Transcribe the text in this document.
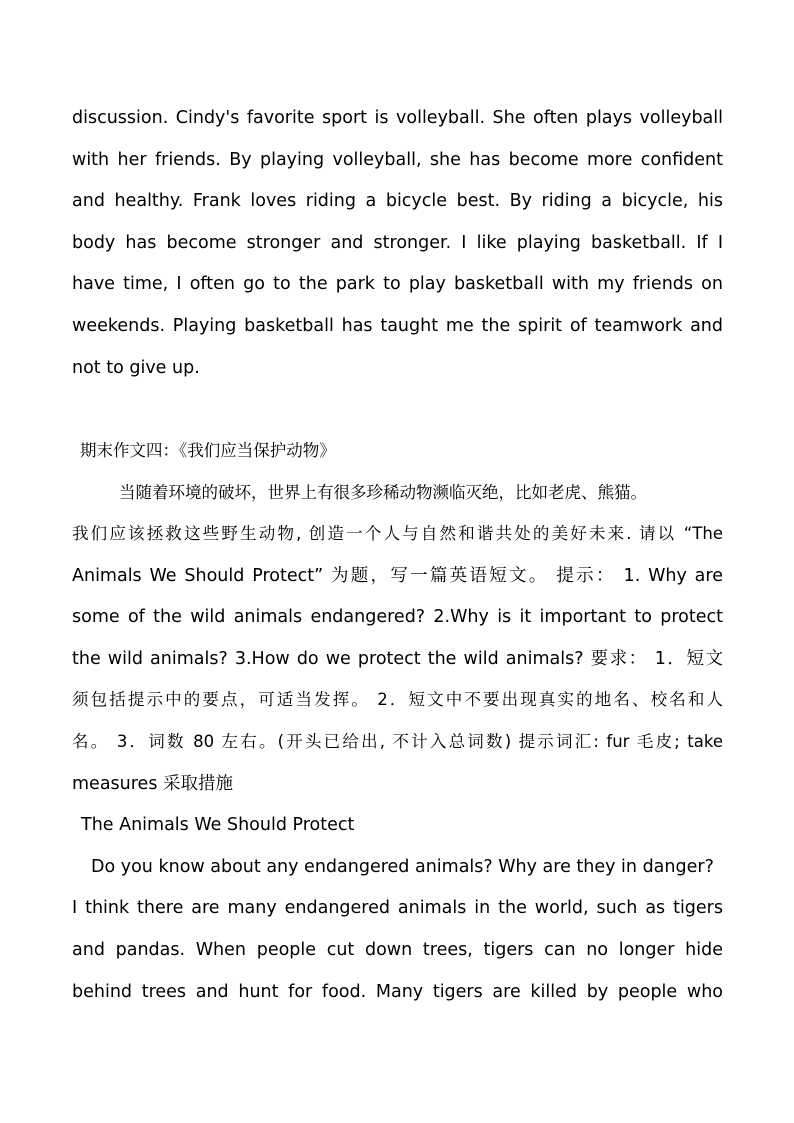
discussion. Cindy's favorite sport is volleyball. She often plays volleyball
with her friends. By playing volleyball, she has become more confident
and healthy. Frank loves riding a bicycle best. By riding a bicycle, his
body has become stronger and stronger. I like playing basketball. If I
have time, I often go to the park to play basketball with my friends on
weekends. Playing basketball has taught me the spirit of teamwork and
not to give up.
期末作文四：《我们应当保护动物》
当随着环境的破坏，世界上有很多珍稀动物濒临灭绝，比如老虎、熊猫。
我们应该拯救这些野生动物, 创造一个人与自然和谐共处的美好未来. 请以 “The
Animals We Should Protect” 为题，写一篇英语短文。 提示： 1. Why are
some of the wild animals endangered? 2.Why is it important to protect
the wild animals? 3.How do we protect the wild animals? 要求： 1．短文
须包括提示中的要点，可适当发挥。 2．短文中不要出现真实的地名、校名和人
名。 3．词数 80 左右。(开头已给出, 不计入总词数) 提示词汇: fur 毛皮; take
measures 采取措施
The Animals We Should Protect
Do you know about any endangered animals? Why are they in danger?
I think there are many endangered animals in the world, such as tigers
and pandas. When people cut down trees, tigers can no longer hide
behind trees and hunt for food. Many tigers are killed by people who
